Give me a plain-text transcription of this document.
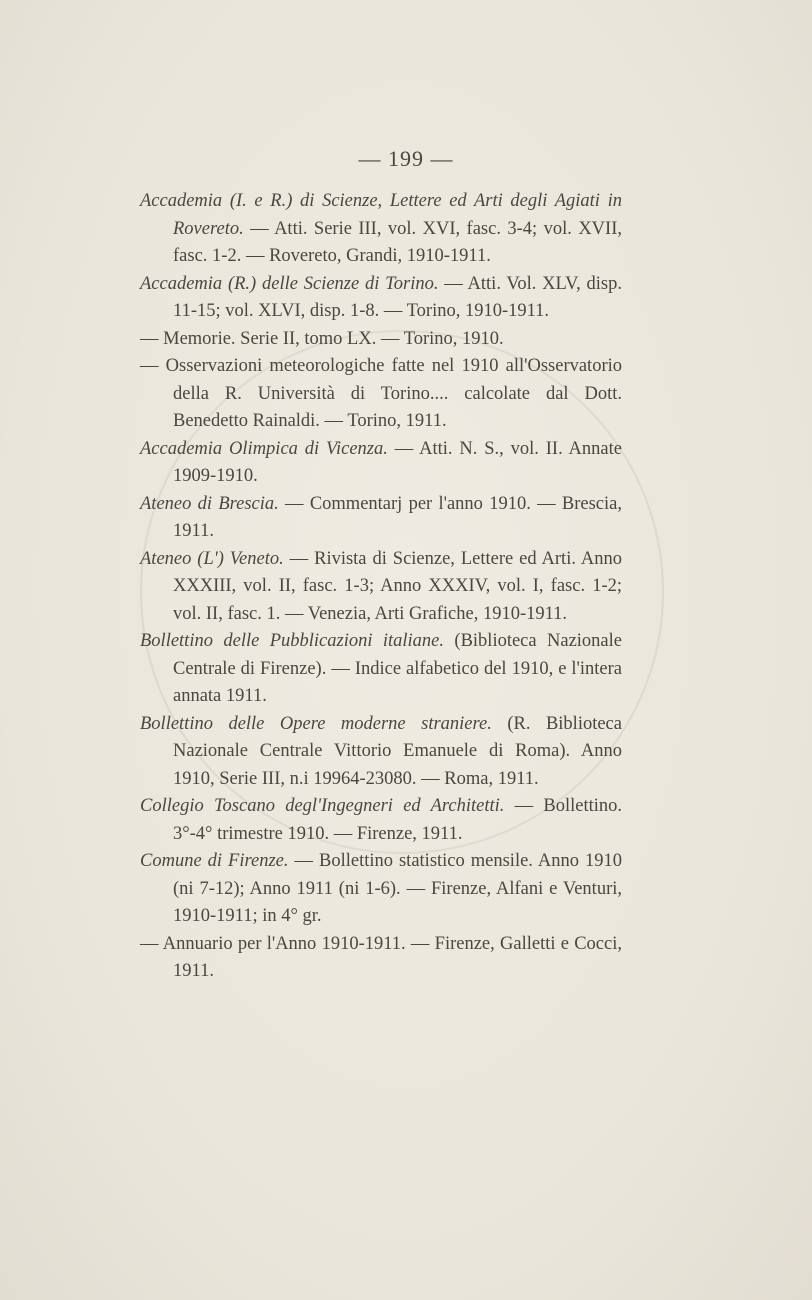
— 199 —

Accademia (I. e R.) di Scienze, Lettere ed Arti degli Agiati in Rovereto. — Atti. Serie III, vol. XVI, fasc. 3-4; vol. XVII, fasc. 1-2. — Rovereto, Grandi, 1910-1911.

Accademia (R.) delle Scienze di Torino. — Atti. Vol. XLV, disp. 11-15; vol. XLVI, disp. 1-8. — Torino, 1910-1911.

— Memorie. Serie II, tomo LX. — Torino, 1910.

— Osservazioni meteorologiche fatte nel 1910 all'Osservatorio della R. Università di Torino.... calcolate dal Dott. Benedetto Rainaldi. — Torino, 1911.

Accademia Olimpica di Vicenza. — Atti. N. S., vol. II. Annate 1909-1910.

Ateneo di Brescia. — Commentarj per l'anno 1910. — Brescia, 1911.

Ateneo (L') Veneto. — Rivista di Scienze, Lettere ed Arti. Anno XXXIII, vol. II, fasc. 1-3; Anno XXXIV, vol. I, fasc. 1-2; vol. II, fasc. 1. — Venezia, Arti Grafiche, 1910-1911.

Bollettino delle Pubblicazioni italiane. (Biblioteca Nazionale Centrale di Firenze). — Indice alfabetico del 1910, e l'intera annata 1911.

Bollettino delle Opere moderne straniere. (R. Biblioteca Nazionale Centrale Vittorio Emanuele di Roma). Anno 1910, Serie III, n.i 19964-23080. — Roma, 1911.

Collegio Toscano degl'Ingegneri ed Architetti. — Bollettino. 3°-4° trimestre 1910. — Firenze, 1911.

Comune di Firenze. — Bollettino statistico mensile. Anno 1910 (ni 7-12); Anno 1911 (ni 1-6). — Firenze, Alfani e Venturi, 1910-1911; in 4° gr.

— Annuario per l'Anno 1910-1911. — Firenze, Galletti e Cocci, 1911.
